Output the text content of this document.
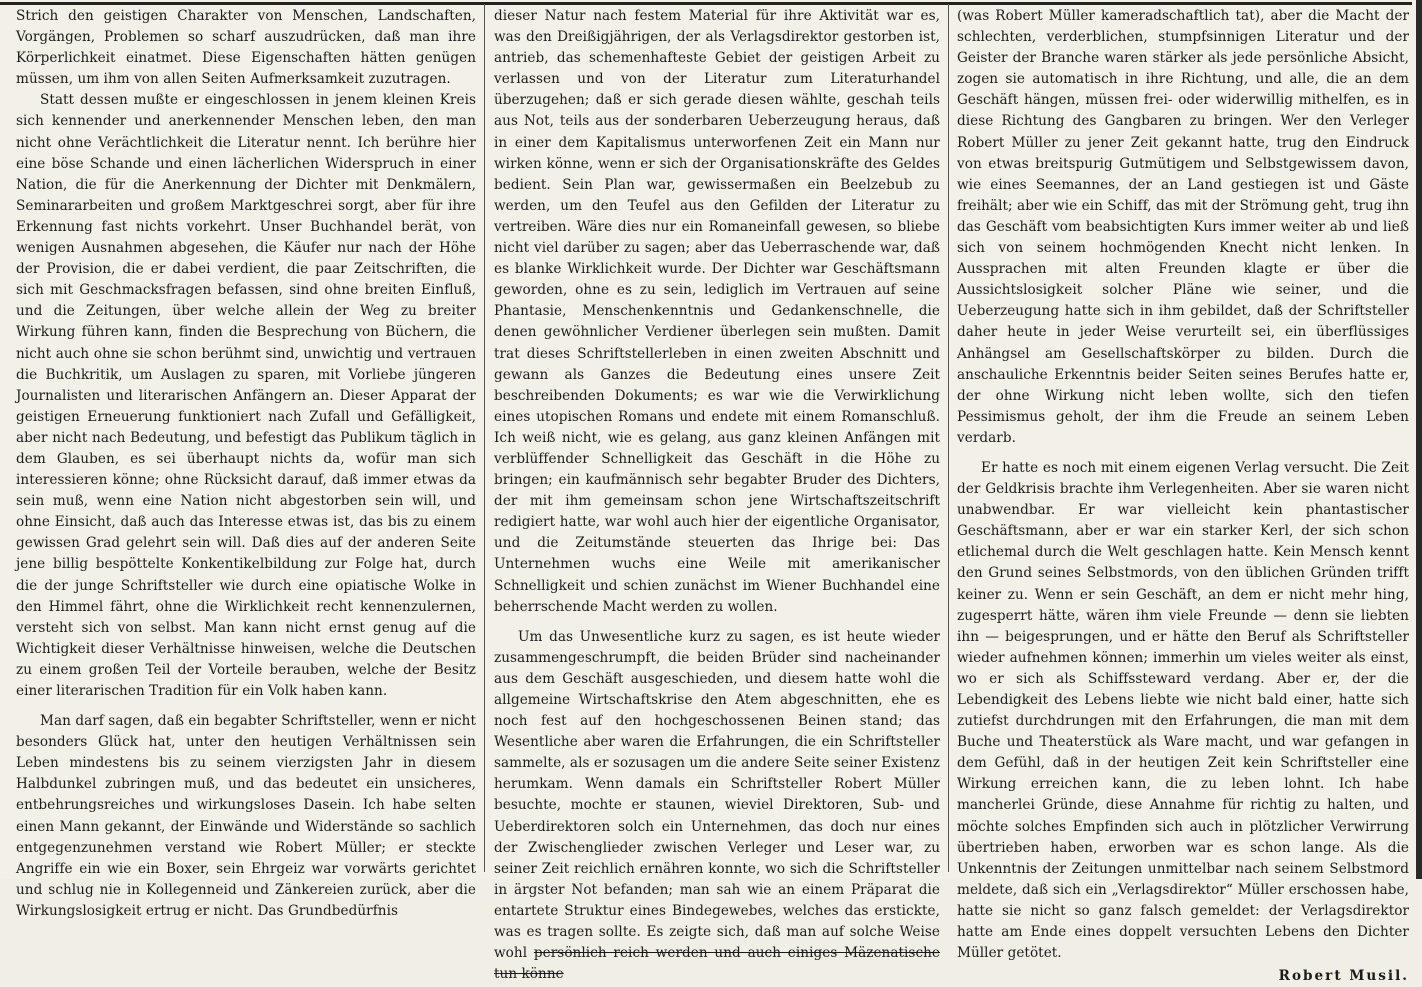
Strich den geistigen Charakter von Menschen, Landschaften, Vorgängen, Problemen so scharf auszudrücken, daß man ihre Körperlichkeit einatmet. Diese Eigenschaften hätten genügen müssen, um ihm von allen Seiten Aufmerksamkeit zuzutragen.

Statt dessen mußte er eingeschlossen in jenem kleinen Kreis sich kennender und anerkennender Menschen leben, den man nicht ohne Verächtlichkeit die Literatur nennt. Ich berühre hier eine böse Schande und einen lächerlichen Widerspruch in einer Nation, die für die Anerkennung der Dichter mit Denkmälern, Seminararbeiten und großem Marktgeschrei sorgt, aber für ihre Erkennung fast nichts vorkehrt. Unser Buchhandel berät, von wenigen Ausnahmen abgesehen, die Käufer nur nach der Höhe der Provision, die er dabei verdient, die paar Zeitschriften, die sich mit Geschmacksfragen befassen, sind ohne breiten Einfluß, und die Zeitungen, über welche allein der Weg zu breiter Wirkung führen kann, finden die Besprechung von Büchern, die nicht auch ohne sie schon berühmt sind, unwichtig und vertrauen die Buchkritik, um Auslagen zu sparen, mit Vorliebe jüngeren Journalisten und literarischen Anfängern an. Dieser Apparat der geistigen Erneuerung funktioniert nach Zufall und Gefälligkeit, aber nicht nach Bedeutung, und befestigt das Publikum täglich in dem Glauben, es sei überhaupt nichts da, wofür man sich interessieren könne; ohne Rücksicht darauf, daß immer etwas da sein muß, wenn eine Nation nicht abgestorben sein will, und ohne Einsicht, daß auch das Interesse etwas ist, das bis zu einem gewissen Grad gelehrt sein will. Daß dies auf der anderen Seite jene billig bespöttelte Konkentikelbildung zur Folge hat, durch die der junge Schriftsteller wie durch eine opiatische Wolke in den Himmel fährt, ohne die Wirklichkeit recht kennenzulernen, versteht sich von selbst. Man kann nicht ernst genug auf die Wichtigkeit dieser Verhältnisse hinweisen, welche die Deutschen zu einem großen Teil der Vorteile berauben, welche der Besitz einer literarischen Tradition für ein Volk haben kann.

Man darf sagen, daß ein begabter Schriftsteller, wenn er nicht besonders Glück hat, unter den heutigen Verhältnissen sein Leben mindestens bis zu seinem vierzigsten Jahr in diesem Halbdunkel zubringen muß, und das bedeutet ein unsicheres, entbehrungsreiches und wirkungsloses Dasein. Ich habe selten einen Mann gekannt, der Einwände und Widerstände so sachlich entgegenzunehmen verstand wie Robert Müller; er steckte Angriffe ein wie ein Boxer, sein Ehrgeiz war vorwärts gerichtet und schlug nie in Kollegenneid und Zänkereien zurück, aber die Wirkungslosigkeit ertrug er nicht. Das Grundbedürfnis

dieser Natur nach festem Material für ihre Aktivität war es, was den Dreißigjährigen, der als Verlagsdirektor gestorben ist, antrieb, das schemenhafteste Gebiet der geistigen Arbeit zu verlassen und von der Literatur zum Literaturhandel überzugehen; daß er sich gerade diesen wählte, geschah teils aus Not, teils aus der sonderbaren Ueberzeugung heraus, daß in einer dem Kapitalismus unterworfenen Zeit ein Mann nur wirken könne, wenn er sich der Organisationskräfte des Geldes bedient. Sein Plan war, gewissermaßen ein Beelzebub zu werden, um den Teufel aus den Gefilden der Literatur zu vertreiben. Wäre dies nur ein Romaneinfall gewesen, so bliebe nicht viel darüber zu sagen; aber das Ueberraschende war, daß es blanke Wirklichkeit wurde. Der Dichter war Geschäftsmann geworden, ohne es zu sein, lediglich im Vertrauen auf seine Phantasie, Menschenkenntnis und Gedankenschnelle, die denen gewöhnlicher Verdiener überlegen sein mußten. Damit trat dieses Schriftstellerleben in einen zweiten Abschnitt und gewann als Ganzes die Bedeutung eines unsere Zeit beschreibenden Dokuments; es war wie die Verwirklichung eines utopischen Romans und endete mit einem Romanschluß. Ich weiß nicht, wie es gelang, aus ganz kleinen Anfängen mit verblüffender Schnelligkeit das Geschäft in die Höhe zu bringen; ein kaufmännisch sehr begabter Bruder des Dichters, der mit ihm gemeinsam schon jene Wirtschaftszeitschrift redigiert hatte, war wohl auch hier der eigentliche Organisator, und die Zeitumstände steuerten das Ihrige bei: Das Unternehmen wuchs eine Weile mit amerikanischer Schnelligkeit und schien zunächst im Wiener Buchhandel eine beherrschende Macht werden zu wollen.

Um das Unwesentliche kurz zu sagen, es ist heute wieder zusammengeschrumpft, die beiden Brüder sind nacheinander aus dem Geschäft ausgeschieden, und diesem hatte wohl die allgemeine Wirtschaftskrise den Atem abgeschnitten, ehe es noch fest auf den hochgeschossenen Beinen stand; das Wesentliche aber waren die Erfahrungen, die ein Schriftsteller sammelte, als er sozusagen um die andere Seite seiner Existenz herumkam. Wenn damals ein Schriftsteller Robert Müller besuchte, mochte er staunen, wieviel Direktoren, Sub- und Ueberdirektoren solch ein Unternehmen, das doch nur eines der Zwischenglieder zwischen Verleger und Leser war, zu seiner Zeit reichlich ernähren konnte, wo sich die Schriftsteller in ärgster Not befanden; man sah wie an einem Präparat die entartete Struktur eines Bindegewebes, welches das erstickte, was es tragen sollte. Es zeigte sich, daß man auf solche Weise wohl persönlich reich werden und auch einiges Mäzenatische tun könne

(was Robert Müller kameradschaftlich tat), aber die Macht der schlechten, verderblichen, stumpfsinnigen Literatur und der Geister der Branche waren stärker als jede persönliche Absicht, zogen sie automatisch in ihre Richtung, und alle, die an dem Geschäft hängen, müssen frei- oder widerwillig mithelfen, es in diese Richtung des Gangbaren zu bringen. Wer den Verleger Robert Müller zu jener Zeit gekannt hatte, trug den Eindruck von etwas breitspurig Gutmütigem und Selbstgewissem davon, wie eines Seemannes, der an Land gestiegen ist und Gäste freihält; aber wie ein Schiff, das mit der Strömung geht, trug ihn das Geschäft vom beabsichtigten Kurs immer weiter ab und ließ sich von seinem hochmögenden Knecht nicht lenken. In Aussprachen mit alten Freunden klagte er über die Aussichtslosigkeit solcher Pläne wie seiner, und die Ueberzeugung hatte sich in ihm gebildet, daß der Schriftsteller daher heute in jeder Weise verurteilt sei, ein überflüssiges Anhängsel am Gesellschaftskörper zu bilden. Durch die anschauliche Erkenntnis beider Seiten seines Berufes hatte er, der ohne Wirkung nicht leben wollte, sich den tiefen Pessimismus geholt, der ihm die Freude an seinem Leben verdarb.

Er hatte es noch mit einem eigenen Verlag versucht. Die Zeit der Geldkrisis brachte ihm Verlegenheiten. Aber sie waren nicht unabwendbar. Er war vielleicht kein phantastischer Geschäftsmann, aber er war ein starker Kerl, der sich schon etlichemal durch die Welt geschlagen hatte. Kein Mensch kennt den Grund seines Selbstmords, von den üblichen Gründen trifft keiner zu. Wenn er sein Geschäft, an dem er nicht mehr hing, zugesperrt hätte, wären ihm viele Freunde — denn sie liebten ihn — beigesprungen, und er hätte den Beruf als Schriftsteller wieder aufnehmen können; immerhin um vieles weiter als einst, wo er sich als Schiffssteward verdang. Aber er, der die Lebendigkeit des Lebens liebte wie nicht bald einer, hatte sich zutiefst durchdrungen mit den Erfahrungen, die man mit dem Buche und Theaterstück als Ware macht, und war gefangen in dem Gefühl, daß in der heutigen Zeit kein Schriftsteller eine Wirkung erreichen kann, die zu leben lohnt. Ich habe mancherlei Gründe, diese Annahme für richtig zu halten, und möchte solches Empfinden sich auch in plötzlicher Verwirrung übertrieben haben, erworben war es schon lange. Als die Unkenntnis der Zeitungen unmittelbar nach seinem Selbstmord meldete, daß sich ein „Verlagsdirektor“ Müller erschossen habe, hatte sie nicht so ganz falsch gemeldet: der Verlagsdirektor hatte am Ende eines doppelt versuchten Lebens den Dichter Müller getötet.

Robert Musil.
